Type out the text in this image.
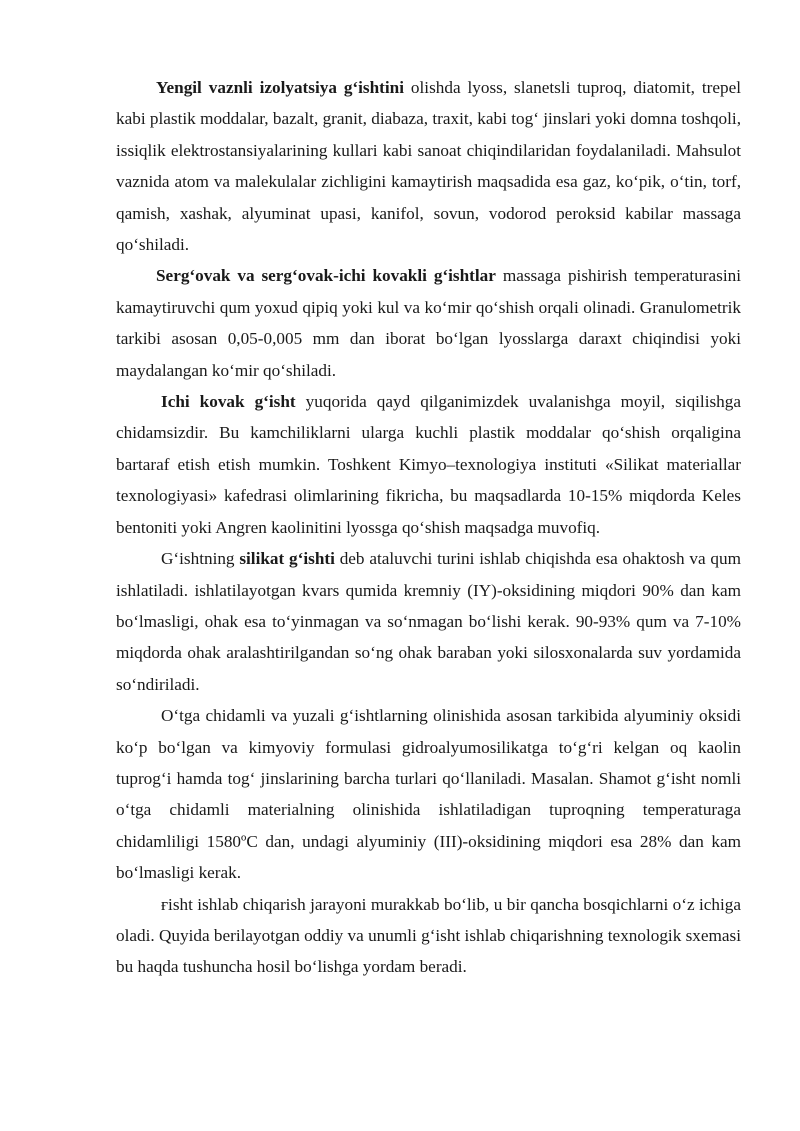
Yengil vaznli izolyatsiya g‘ishtini olishda lyoss, slanetsli tuproq, diatomit, trepel kabi plastik moddalar, bazalt, granit, diabaza, traxit, kabi tog‘ jinslari yoki domna toshqoli, issiqlik elektrostansiyalarining kullari kabi sanoat chiqindilaridan foydalaniladi. Mahsulot vaznida atom va malekulalar zichligini kamaytirish maqsadida esa gaz, ko‘pik, o‘tin, torf, qamish, xashak, alyuminat upasi, kanifol, sovun, vodorod peroksid kabilar massaga qo‘shiladi.

Serg‘ovak va serg‘ovak-ichi kovakli g‘ishtlar massaga pishirish temperaturasini kamaytiruvchi qum yoxud qipiq yoki kul va ko‘mir qo‘shish orqali olinadi. Granulometrik tarkibi asosan 0,05-0,005 mm dan iborat bo‘lgan lyosslarga daraxt chiqindisi yoki maydalangan ko‘mir qo‘shiladi.

Ichi kovak g‘isht yuqorida qayd qilganimizdek uvalanishga moyil, siqilishga chidamsizdir. Bu kamchiliklarni ularga kuchli plastik moddalar qo‘shish orqaligina bartaraf etish etish mumkin. Toshkent Kimyo–texnologiya instituti «Silikat materiallar texnologiyasi» kafedrasi olimlarining fikricha, bu maqsadlarda 10-15% miqdorda Keles bentoniti yoki Angren kaolinitini lyossga qo‘shish maqsadga muvofiq.

G‘ishtning silikat g‘ishti deb ataluvchi turini ishlab chiqishda esa ohaktosh va qum ishlatiladi. ishlatilayotgan kvars qumida kremniy (IY)-oksidining miqdori 90% dan kam bo‘lmasligi, ohak esa to‘yinmagan va so‘nmagan bo‘lishi kerak. 90-93% qum va 7-10% miqdorda ohak aralashtirilgandan so‘ng ohak baraban yoki silosxonalarda suv yordamida so‘ndiriladi.

O‘tga chidamli va yuzali g‘ishtlarning olinishida asosan tarkibida alyuminiy oksidi ko‘p bo‘lgan va kimyoviy formulasi gidroalyumosilikatga to‘g‘ri kelgan oq kaolin tuprog‘i hamda tog‘ jinslarining barcha turlari qo‘llaniladi. Masalan. Shamot g‘isht nomli o‘tga chidamli materialning olinishida ishlatiladigan tuproqning temperaturaga chidamliligi 1580ºC dan, undagi alyuminiy (III)-oksidining miqdori esa 28% dan kam bo‘lmasligi kerak.

ғisht ishlab chiqarish jarayoni murakkab bo‘lib, u bir qancha bosqichlarni o‘z ichiga oladi. Quyida berilayotgan oddiy va unumli g‘isht ishlab chiqarishning texnologik sxemasi bu haqda tushuncha hosil bo‘lishga yordam beradi.
